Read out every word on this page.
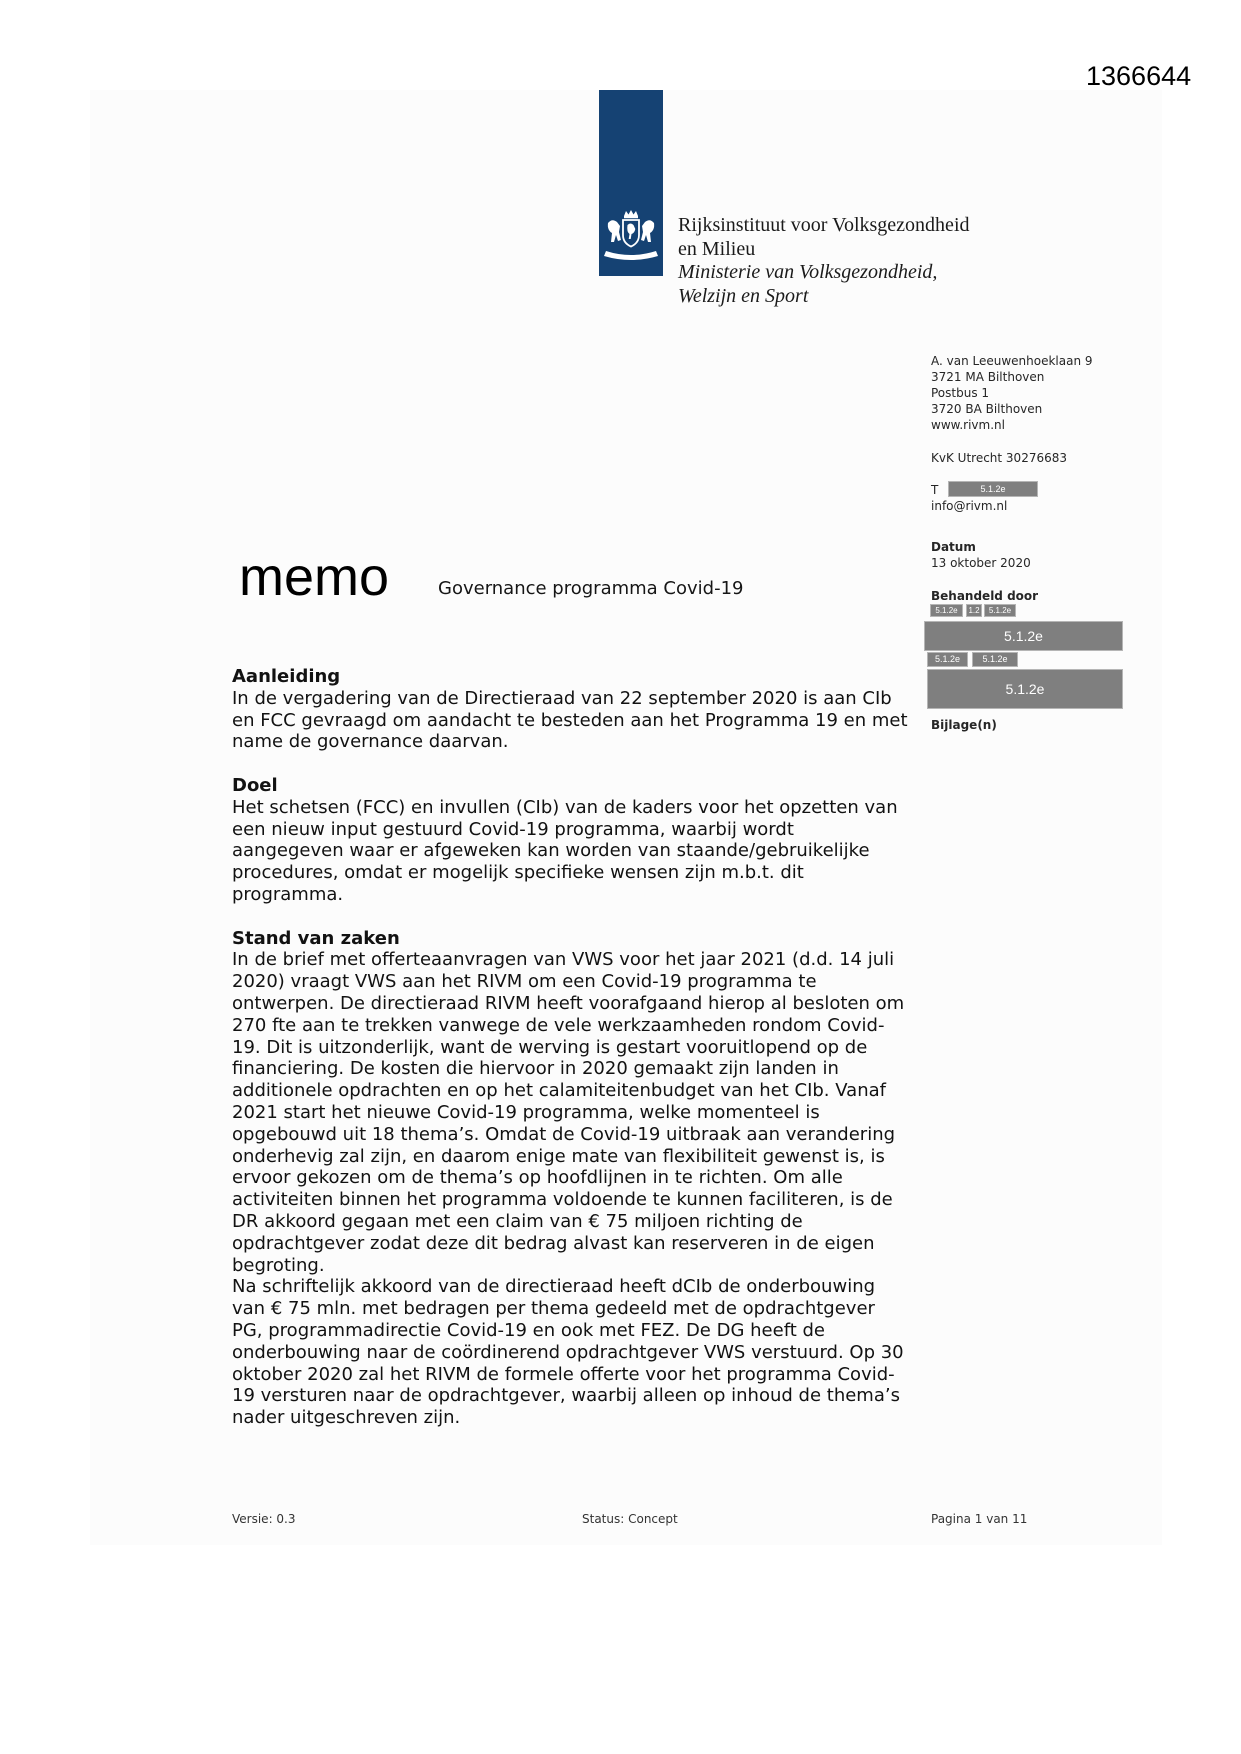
1366644
Rijksinstituut voor Volksgezondheid
en Milieu
Ministerie van Volksgezondheid,
Welzijn en Sport
A. van Leeuwenhoeklaan 9
3721 MA Bilthoven
Postbus 1
3720 BA Bilthoven
www.rivm.nl
KvK Utrecht 30276683
T	5.1.2e
info@rivm.nl
Datum
13 oktober 2020
Behandeld door
5.1.2e	1.2	5.1.2e
5.1.2e
5.1.2e	5.1.2e
5.1.2e
Bijlage(n)
memo	Governance programma Covid-19
Aanleiding
In de vergadering van de Directieraad van 22 september 2020 is aan CIb
en FCC gevraagd om aandacht te besteden aan het Programma 19 en met
name de governance daarvan.
Doel
Het schetsen (FCC) en invullen (CIb) van de kaders voor het opzetten van
een nieuw input gestuurd Covid-19 programma, waarbij wordt
aangegeven waar er afgeweken kan worden van staande/gebruikelijke
procedures, omdat er mogelijk specifieke wensen zijn m.b.t. dit
programma.
Stand van zaken
In de brief met offerteaanvragen van VWS voor het jaar 2021 (d.d. 14 juli
2020) vraagt VWS aan het RIVM om een Covid-19 programma te
ontwerpen. De directieraad RIVM heeft voorafgaand hierop al besloten om
270 fte aan te trekken vanwege de vele werkzaamheden rondom Covid-
19. Dit is uitzonderlijk, want de werving is gestart vooruitlopend op de
financiering. De kosten die hiervoor in 2020 gemaakt zijn landen in
additionele opdrachten en op het calamiteitenbudget van het CIb. Vanaf
2021 start het nieuwe Covid-19 programma, welke momenteel is
opgebouwd uit 18 thema’s. Omdat de Covid-19 uitbraak aan verandering
onderhevig zal zijn, en daarom enige mate van flexibiliteit gewenst is, is
ervoor gekozen om de thema’s op hoofdlijnen in te richten. Om alle
activiteiten binnen het programma voldoende te kunnen faciliteren, is de
DR akkoord gegaan met een claim van € 75 miljoen richting de
opdrachtgever zodat deze dit bedrag alvast kan reserveren in de eigen
begroting.
Na schriftelijk akkoord van de directieraad heeft dCIb de onderbouwing
van € 75 mln. met bedragen per thema gedeeld met de opdrachtgever
PG, programmadirectie Covid-19 en ook met FEZ. De DG heeft de
onderbouwing naar de coördinerend opdrachtgever VWS verstuurd. Op 30
oktober 2020 zal het RIVM de formele offerte voor het programma Covid-
19 versturen naar de opdrachtgever, waarbij alleen op inhoud de thema’s
nader uitgeschreven zijn.
Versie: 0.3	Status: Concept	Pagina 1 van 11
